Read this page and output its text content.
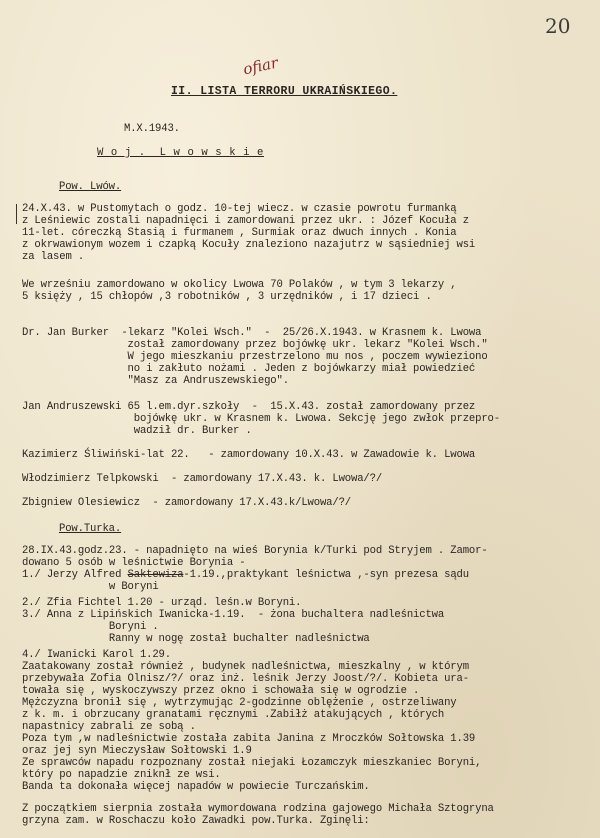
20
ofiar
II. LISTA TERRORU UKRAIŃSKIEGO.
M.X.1943.
W o j .  L w o w s k i e
Pow. Lwów.
24.X.43. w Pustomytach o godz. 10-tej wiecz. w czasie powrotu furmanką
z Leśniewic zostali napadnięci i zamordowani przez ukr. : Józef Kocuła z
11-let. córeczką Stasią i furmanem , Surmiak oraz dwuch innych . Konia
z okrwawionym wozem i czapką Kocuły znaleziono nazajutrz w sąsiedniej wsi
za lasem .
We wrześniu zamordowano w okolicy Lwowa 70 Polaków , w tym 3 lekarzy ,
5 księży , 15 chłopów ,3 robotników , 3 urzędników , i 17 dzieci .
Dr. Jan Burker  -lekarz "Kolei Wsch."  -  25/26.X.1943. w Krasnem k. Lwowa
został zamordowany przez bojówkę ukr. lekarz "Kolei Wsch."
W jego mieszkaniu przestrzelono mu nos , poczem wywieziono
no i zakłuto nożami . Jeden z bojówkarzy miał powiedzieć
"Masz za Andruszewskiego".
Jan Andruszewski 65 l.em.dyr.szkoły  -  15.X.43. został zamordowany przez
bojówkę ukr. w Krasnem k. Lwowa. Sekcję jego zwłok przepro-
wadził dr. Burker .
Kazimierz Śliwiński-lat 22.   - zamordowany 10.X.43. w Zawadowie k. Lwowa
Włodzimierz Telpkowski  - zamordowany 17.X.43. k. Lwowa/?/
Zbigniew Olesiewicz  - zamordowany 17.X.43.k/Lwowa/?/
Pow.Turka.
28.IX.43.godz.23. - napadnięto na wieś Borynia k/Turki pod Stryjem . Zamor-
dowano 5 osób w leśnictwie Borynia -
1./ Jerzy Alfred Saktewiza-1.19.,praktykant leśnictwa ,-syn prezesa sądu
w Boryni
2./ Zfia Fichtel 1.20 - urząd. leśn.w Boryni.
3./ Anna z Lipińskich Iwanicka-1.19.  - żona buchaltera nadleśnictwa
Boryni .
Ranny w nogę został buchalter nadleśnictwa
4./ Iwanicki Karol 1.29.
Zaatakowany został również , budynek nadleśnictwa, mieszkalny , w którym
przebywała Zofia Olnisz/?/ oraz inż. leśnik Jerzy Joost/?/. Kobieta ura-
towała się , wyskoczywszy przez okno i schowała się w ogrodzie .
Mężczyzna bronił się , wytrzymując 2-godzinne oblężenie , ostrzeliwany
z k. m. i obrzucany granatami ręcznymi .Zabiłż atakujących , których
napastnicy zabrali ze sobą .
Poza tym ,w nadleśnictwie została zabita Janina z Mroczków Sołtowska 1.39
oraz jej syn Mieczysław Sołtowski 1.9
Ze sprawców napadu rozpoznany został niejaki Łozamczyk mieszkaniec Boryni,
który po napadzie zniknł ze wsi.
Banda ta dokonała więcej napadów w powiecie Turczańskim.
Z początkiem sierpnia została wymordowana rodzina gajowego Michała Sztogryna
grzyna zam. w Roschaczu koło Zawadki pow.Turka. Zginęli:
